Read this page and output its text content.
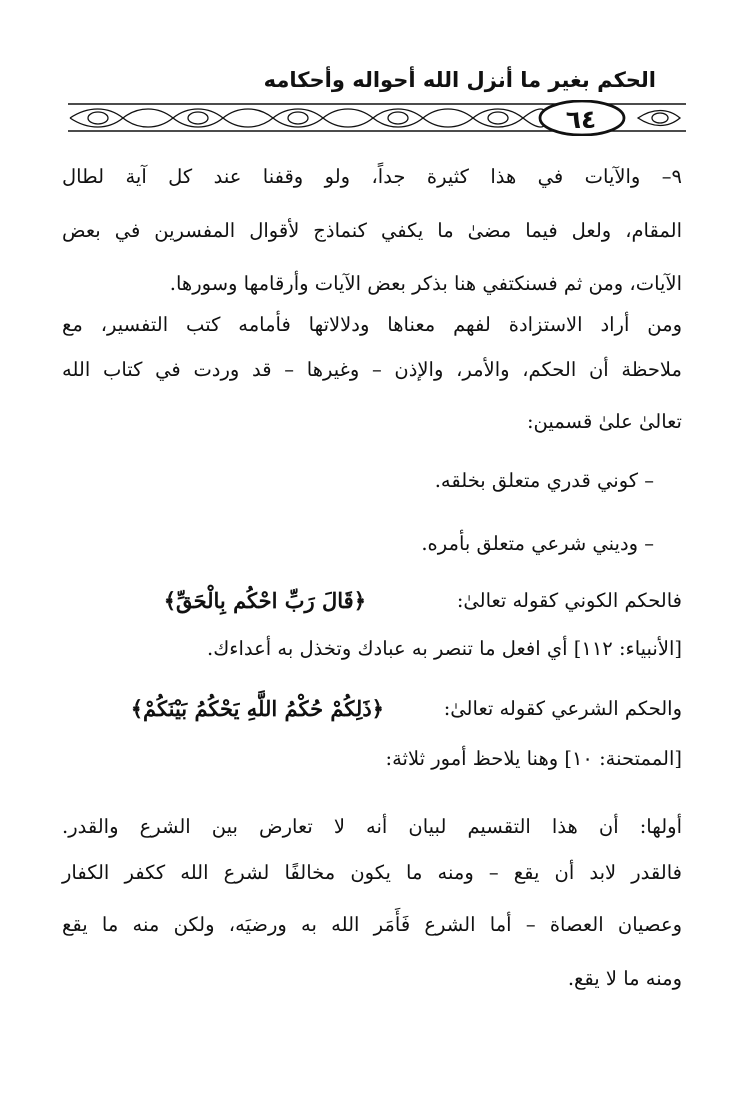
الحكم بغير ما أنزل الله أحواله وأحكامه
٦٤
٩– والآيات في هذا كثيرة جداً، ولو وقفنا عند كل آية لطال
المقام، ولعل فيما مضىٰ ما يكفي كنماذج لأقوال المفسرين في بعض
الآيات، ومن ثم فسنكتفي هنا بذكر بعض الآيات وأرقامها وسورها.
ومن أراد الاستزادة لفهم معناها ودلالاتها فأمامه كتب التفسير، مع
ملاحظة أن الحكم، والأمر، والإذن – وغيرها – قد وردت في كتاب الله
تعالىٰ علىٰ قسمين:
– كوني قدري متعلق بخلقه.
– وديني شرعي متعلق بأمره.
فالحكم الكوني كقوله تعالىٰ:
﴿قَالَ رَبِّ احْكُم بِالْحَقِّ﴾
[الأنبياء: ١١٢] أي افعل ما تنصر به عبادك وتخذل به أعداءك.
والحكم الشرعي كقوله تعالىٰ:
﴿ذَلِكُمْ حُكْمُ اللَّهِ يَحْكُمُ بَيْنَكُمْ﴾
[الممتحنة: ١٠] وهنا يلاحظ أمور ثلاثة:
أولها: أن هذا التقسيم لبيان أنه لا تعارض بين الشرع والقدر.
فالقدر لابد أن يقع – ومنه ما يكون مخالفًا لشرع الله ككفر الكفار
وعصيان العصاة – أما الشرع فَأَمَر الله به ورضيَه، ولكن منه ما يقع
ومنه ما لا يقع.
